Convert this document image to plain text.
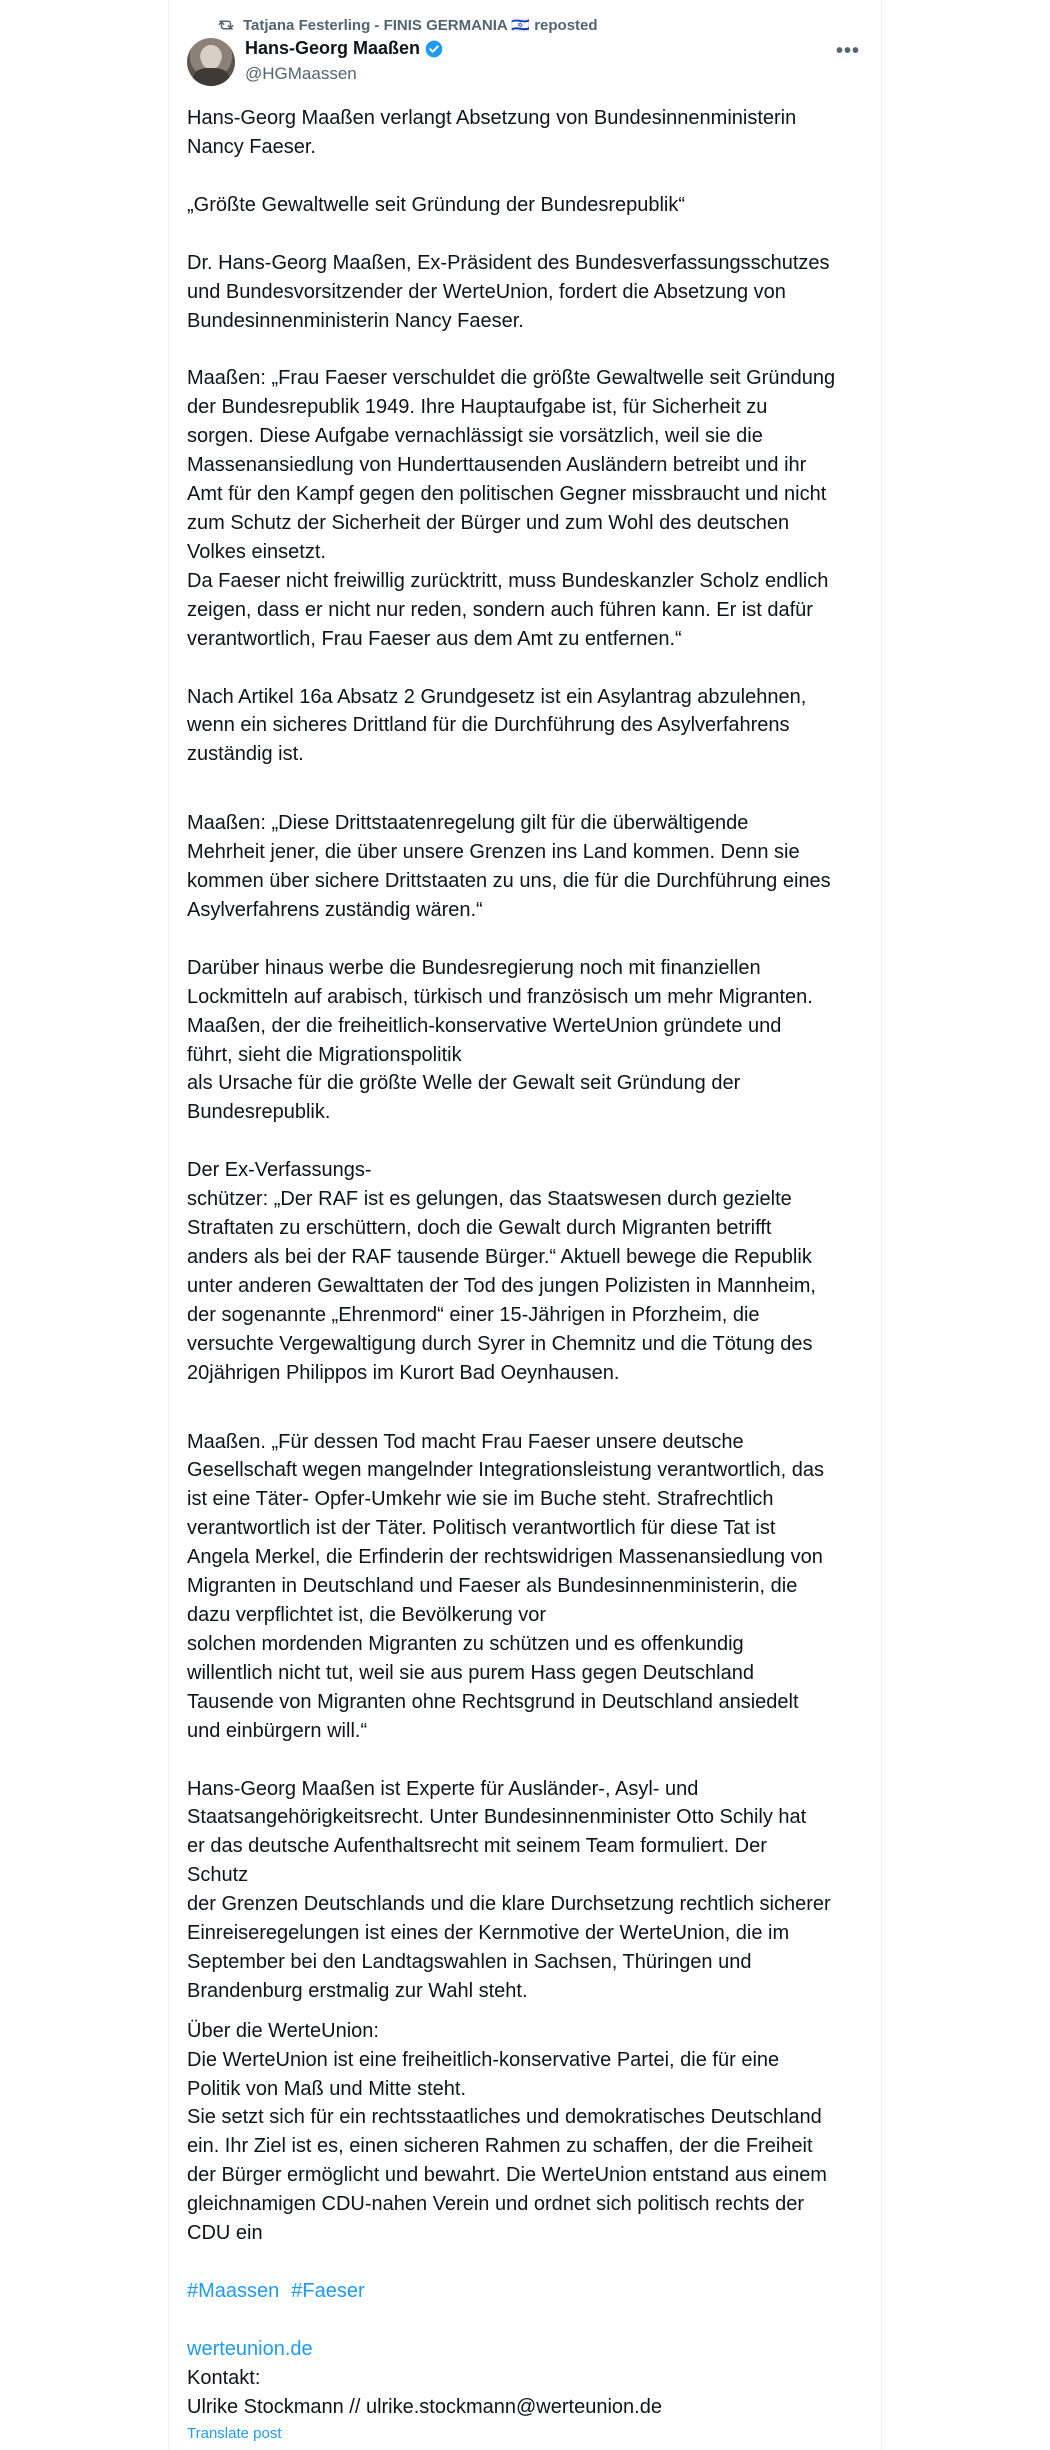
Tatjana Festerling - FINIS GERMANIA 🇮🇱 reposted
Hans-Georg Maaßen
@HGMaassen
•••

Hans-Georg Maaßen verlangt Absetzung von Bundesinnenministerin
Nancy Faeser.

„Größte Gewaltwelle seit Gründung der Bundesrepublik“

Dr. Hans-Georg Maaßen, Ex-Präsident des Bundesverfassungsschutzes
und Bundesvorsitzender der WerteUnion, fordert die Absetzung von
Bundesinnenministerin Nancy Faeser.

Maaßen: „Frau Faeser verschuldet die größte Gewaltwelle seit Gründung
der Bundesrepublik 1949. Ihre Hauptaufgabe ist, für Sicherheit zu
sorgen. Diese Aufgabe vernachlässigt sie vorsätzlich, weil sie die
Massenansiedlung von Hunderttausenden Ausländern betreibt und ihr
Amt für den Kampf gegen den politischen Gegner missbraucht und nicht
zum Schutz der Sicherheit der Bürger und zum Wohl des deutschen
Volkes einsetzt.
Da Faeser nicht freiwillig zurücktritt, muss Bundeskanzler Scholz endlich
zeigen, dass er nicht nur reden, sondern auch führen kann. Er ist dafür
verantwortlich, Frau Faeser aus dem Amt zu entfernen.“

Nach Artikel 16a Absatz 2 Grundgesetz ist ein Asylantrag abzulehnen,
wenn ein sicheres Drittland für die Durchführung des Asylverfahrens
zuständig ist.

Maaßen: „Diese Drittstaatenregelung gilt für die überwältigende
Mehrheit jener, die über unsere Grenzen ins Land kommen. Denn sie
kommen über sichere Drittstaaten zu uns, die für die Durchführung eines
Asylverfahrens zuständig wären.“

Darüber hinaus werbe die Bundesregierung noch mit finanziellen
Lockmitteln auf arabisch, türkisch und französisch um mehr Migranten.
Maaßen, der die freiheitlich-konservative WerteUnion gründete und
führt, sieht die Migrationspolitik
als Ursache für die größte Welle der Gewalt seit Gründung der
Bundesrepublik.

Der Ex-Verfassungs-
schützer: „Der RAF ist es gelungen, das Staatswesen durch gezielte
Straftaten zu erschüttern, doch die Gewalt durch Migranten betrifft
anders als bei der RAF tausende Bürger.“ Aktuell bewege die Republik
unter anderen Gewalttaten der Tod des jungen Polizisten in Mannheim,
der sogenannte „Ehrenmord“ einer 15-Jährigen in Pforzheim, die
versuchte Vergewaltigung durch Syrer in Chemnitz und die Tötung des
20jährigen Philippos im Kurort Bad Oeynhausen.

Maaßen. „Für dessen Tod macht Frau Faeser unsere deutsche
Gesellschaft wegen mangelnder Integrationsleistung verantwortlich, das
ist eine Täter- Opfer-Umkehr wie sie im Buche steht. Strafrechtlich
verantwortlich ist der Täter. Politisch verantwortlich für diese Tat ist
Angela Merkel, die Erfinderin der rechtswidrigen Massenansiedlung von
Migranten in Deutschland und Faeser als Bundesinnenministerin, die
dazu verpflichtet ist, die Bevölkerung vor
solchen mordenden Migranten zu schützen und es offenkundig
willentlich nicht tut, weil sie aus purem Hass gegen Deutschland
Tausende von Migranten ohne Rechtsgrund in Deutschland ansiedelt
und einbürgern will.“

Hans-Georg Maaßen ist Experte für Ausländer-, Asyl- und
Staatsangehörigkeitsrecht. Unter Bundesinnenminister Otto Schily hat
er das deutsche Aufenthaltsrecht mit seinem Team formuliert. Der
Schutz
der Grenzen Deutschlands und die klare Durchsetzung rechtlich sicherer
Einreiseregelungen ist eines der Kernmotive der WerteUnion, die im
September bei den Landtagswahlen in Sachsen, Thüringen und
Brandenburg erstmalig zur Wahl steht.

Über die WerteUnion:
Die WerteUnion ist eine freiheitlich-konservative Partei, die für eine
Politik von Maß und Mitte steht.
Sie setzt sich für ein rechtsstaatliches und demokratisches Deutschland
ein. Ihr Ziel ist es, einen sicheren Rahmen zu schaffen, der die Freiheit
der Bürger ermöglicht und bewahrt. Die WerteUnion entstand aus einem
gleichnamigen CDU-nahen Verein und ordnet sich politisch rechts der
CDU ein

#Maassen #Faeser
werteunion.de
Kontakt:
Ulrike Stockmann // ulrike.stockmann@werteunion.de
Translate post
